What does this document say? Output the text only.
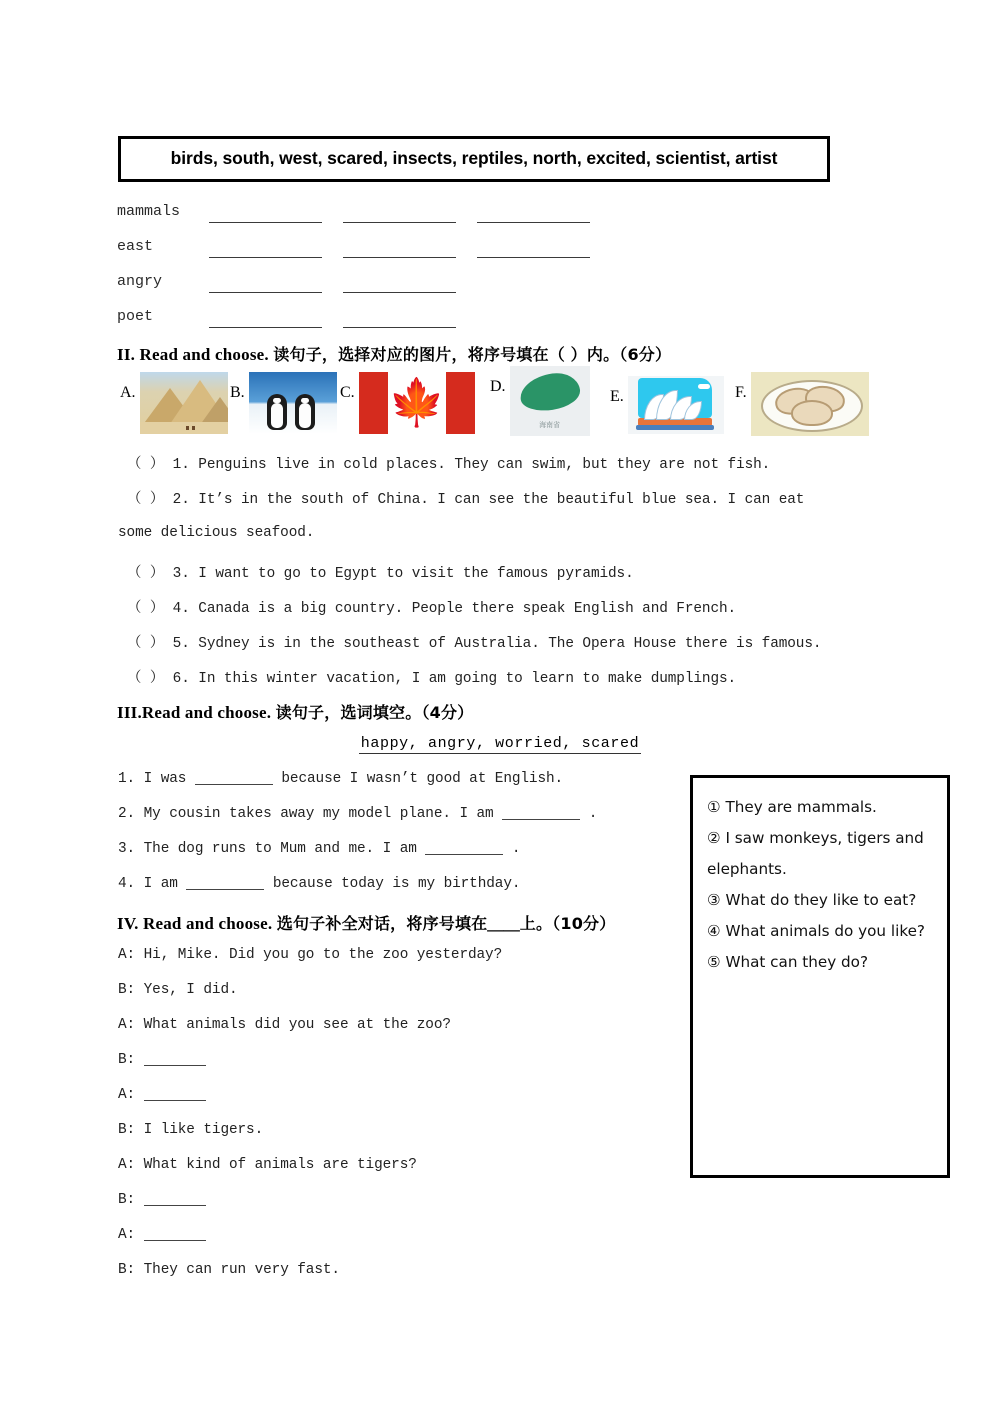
birds, south, west, scared, insects, reptiles, north, excited, scientist, artist
mammals
east
angry
poet
II. Read and choose. 读句子，选择对应的图片，将序号填在（ ）内。（6分）
A.	B.	C. 🍁	D.
海南省
E.	F.
（ ） 1. Penguins live in cold places. They can swim, but they are not fish.
（ ） 2. It’s in the south of China. I can see the beautiful blue sea. I can eat
some delicious seafood.
（ ） 3. I want to go to Egypt to visit the famous pyramids.
（ ） 4. Canada is a big country. People there speak English and French.
（ ） 5. Sydney is in the southeast of Australia. The Opera House there is famous.
（ ） 6. In this winter vacation, I am going to learn to make dumplings.
III.Read and choose. 读句子，选词填空。（4分）
happy, angry, worried, scared
1. I was	because I wasn’t good at English.
2. My cousin takes away my model plane. I am	.
3. The dog runs to Mum and me. I am	.
4. I am	because today is my birthday.
IV. Read and choose. 选句子补全对话，将序号填在＿＿上。（10分）
A: Hi, Mike. Did you go to the zoo yesterday?
B: Yes, I did.
A: What animals did you see at the zoo?
B:
A:
B: I like tigers.
A: What kind of animals are tigers?
B:
A:
B: They can run very fast.

① They are mammals.

② I saw monkeys, tigers and elephants.

③ What do they like to eat?

④ What animals do you like?

⑤ What can they do?
